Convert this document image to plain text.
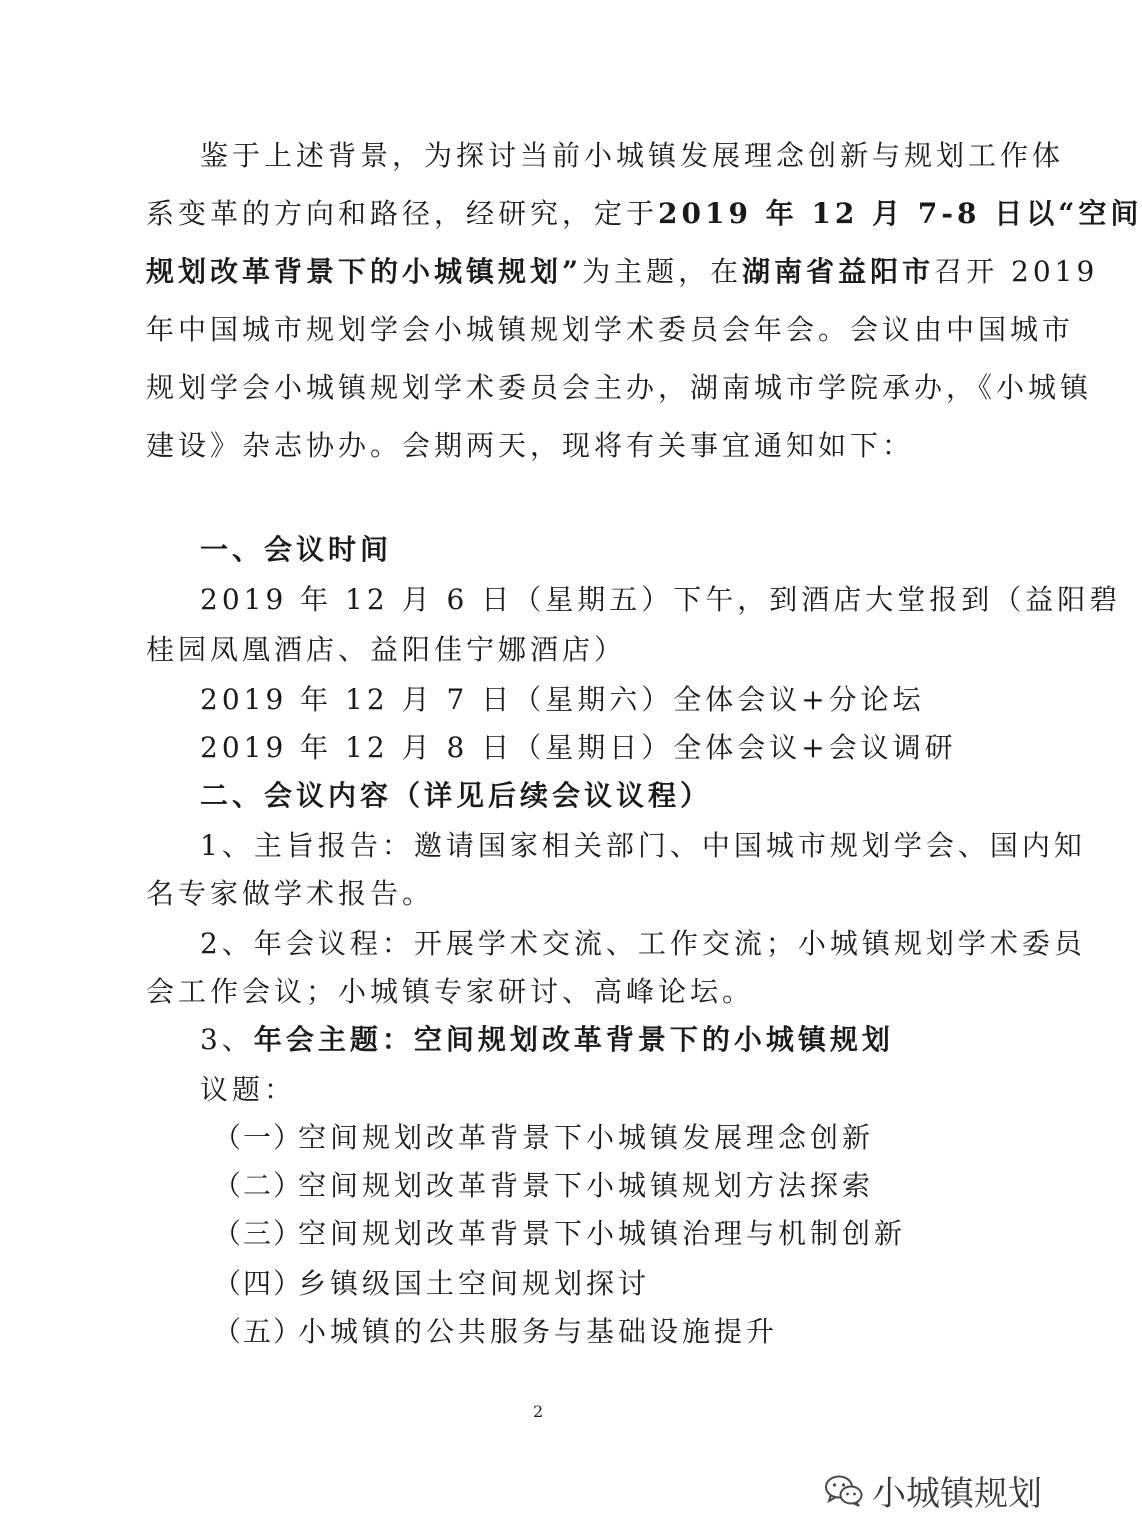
鉴于上述背景，为探讨当前小城镇发展理念创新与规划工作体
系变革的方向和路径，经研究，定于2019 年 12 月 7-8 日以“空间
规划改革背景下的小城镇规划”为主题，在湖南省益阳市召开 2019
年中国城市规划学会小城镇规划学术委员会年会。会议由中国城市
规划学会小城镇规划学术委员会主办，湖南城市学院承办，《小城镇
建设》杂志协办。会期两天，现将有关事宜通知如下：
一、会议时间
2019 年 12 月 6 日（星期五）下午，到酒店大堂报到（益阳碧
桂园凤凰酒店、益阳佳宁娜酒店）
2019 年 12 月 7 日（星期六）全体会议+分论坛
2019 年 12 月 8 日（星期日）全体会议+会议调研
二、会议内容（详见后续会议议程）
1、主旨报告：邀请国家相关部门、中国城市规划学会、国内知
名专家做学术报告。
2、年会议程：开展学术交流、工作交流；小城镇规划学术委员
会工作会议；小城镇专家研讨、高峰论坛。
3、年会主题：空间规划改革背景下的小城镇规划
议题：
（一）
空间规划改革背景下小城镇发展理念创新
（二）
空间规划改革背景下小城镇规划方法探索
（三）
空间规划改革背景下小城镇治理与机制创新
（四）
乡镇级国土空间规划探讨
（五）
小城镇的公共服务与基础设施提升
2
小城镇规划
